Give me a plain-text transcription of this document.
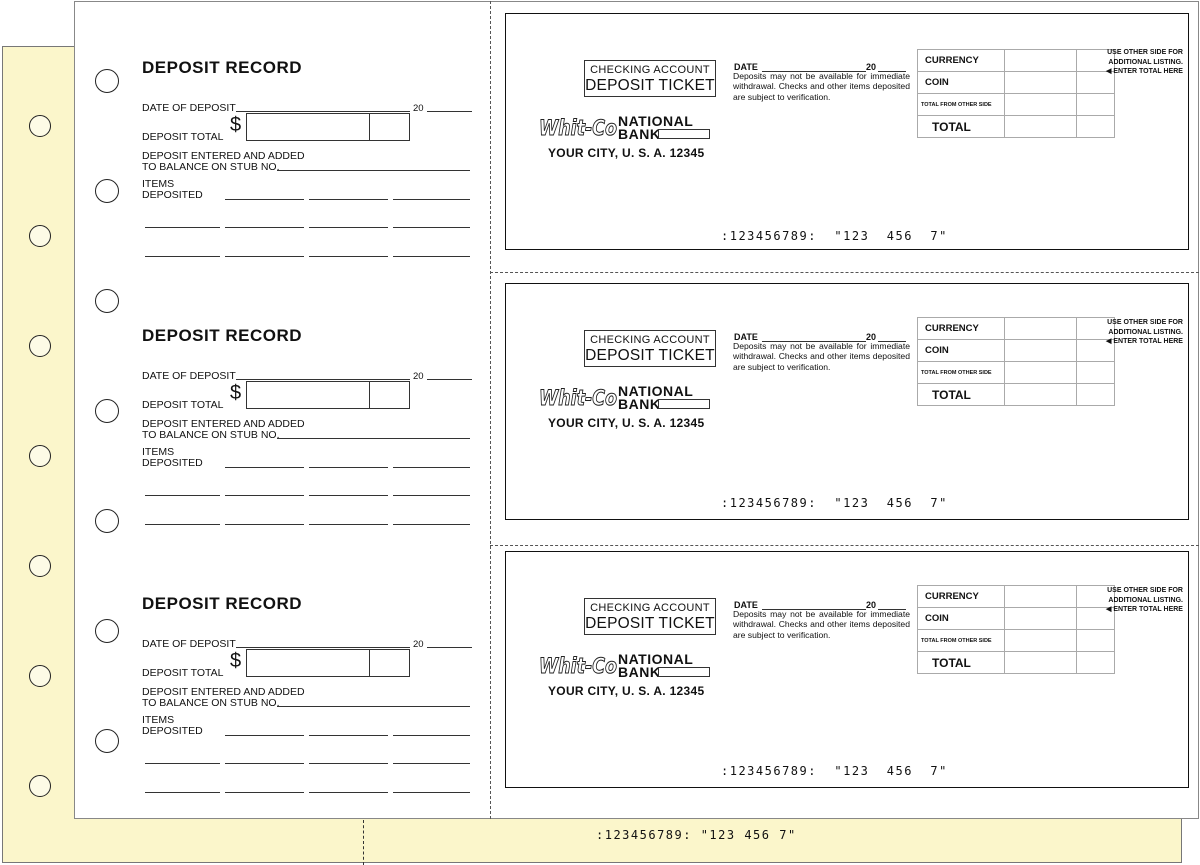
:123456789: "123 456 7"
DEPOSIT RECORD
DATE OF DEPOSIT	20
$
DEPOSIT TOTAL
DEPOSIT ENTERED AND ADDED
TO BALANCE ON STUB NO.
ITEMS
DEPOSITED
DEPOSIT RECORD
DATE OF DEPOSIT	20
$
DEPOSIT TOTAL
DEPOSIT ENTERED AND ADDED
TO BALANCE ON STUB NO.
ITEMS
DEPOSITED
DEPOSIT RECORD
DATE OF DEPOSIT	20
$
DEPOSIT TOTAL
DEPOSIT ENTERED AND ADDED
TO BALANCE ON STUB NO.
ITEMS
DEPOSITED
CHECKING ACCOUNT
DEPOSIT TICKET
Whit-Co NATIONAL
BANK
YOUR CITY, U. S. A. 12345
DATE	20
Deposits may not be available for immediate withdrawal. Checks and other items deposited are subject to verification.
CURRENCY		
COIN		
TOTAL FROM OTHER SIDE		
TOTAL		
USE OTHER SIDE FOR
ADDITIONAL LISTING.
◀ ENTER TOTAL HERE
:123456789:  "123  456  7"
CHECKING ACCOUNT
DEPOSIT TICKET
Whit-Co NATIONAL
BANK
YOUR CITY, U. S. A. 12345
DATE	20
Deposits may not be available for immediate withdrawal. Checks and other items deposited are subject to verification.
CURRENCY		
COIN		
TOTAL FROM OTHER SIDE		
TOTAL		
USE OTHER SIDE FOR
ADDITIONAL LISTING.
◀ ENTER TOTAL HERE
:123456789:  "123  456  7"
CHECKING ACCOUNT
DEPOSIT TICKET
Whit-Co NATIONAL
BANK
YOUR CITY, U. S. A. 12345
DATE	20
Deposits may not be available for immediate withdrawal. Checks and other items deposited are subject to verification.
CURRENCY		
COIN		
TOTAL FROM OTHER SIDE		
TOTAL		
USE OTHER SIDE FOR
ADDITIONAL LISTING.
◀ ENTER TOTAL HERE
:123456789:  "123  456  7"
